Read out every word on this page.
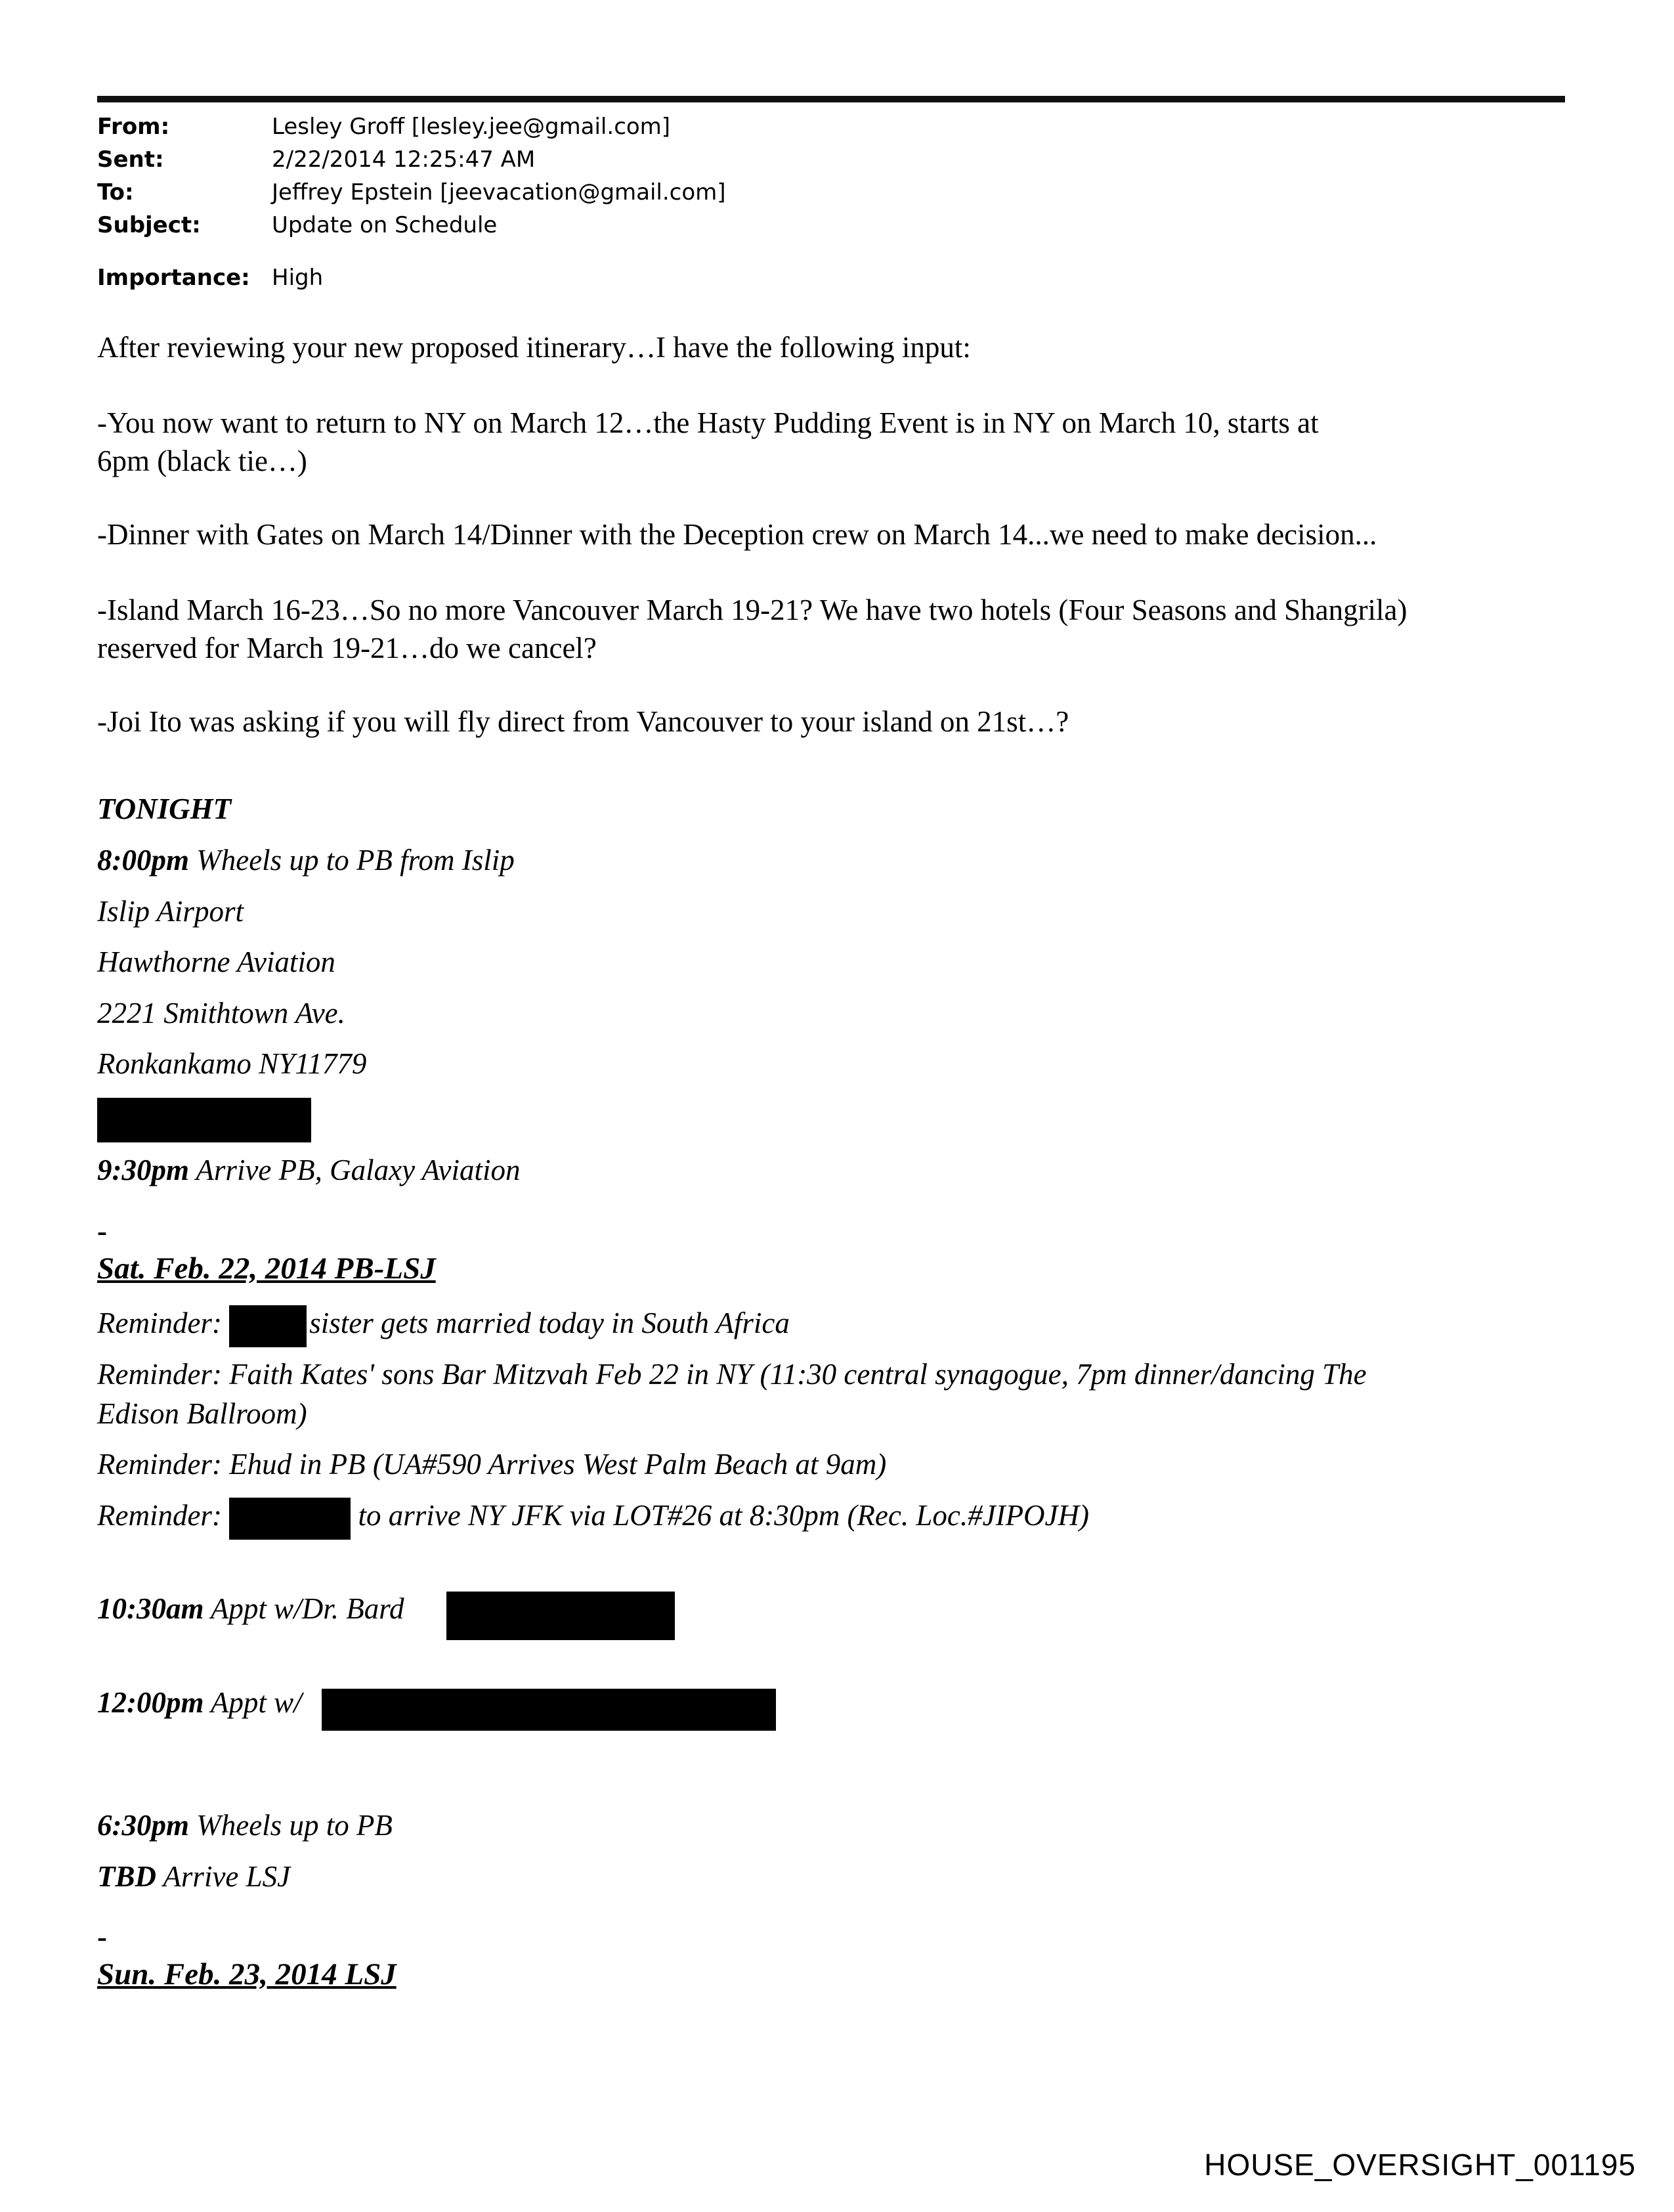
From:	Lesley Groff [lesley.jee@gmail.com]
Sent:	2/22/2014 12:25:47 AM
To:	Jeffrey Epstein [jeevacation@gmail.com]
Subject:	Update on Schedule
Importance: High
After reviewing your new proposed itinerary…I have the following input:
-You now want to return to NY on March 12…the Hasty Pudding Event is in NY on March 10, starts at
6pm (black tie…)
-Dinner with Gates on March 14/Dinner with the Deception crew on March 14...we need to make decision...
-Island March 16-23…So no more Vancouver March 19-21? We have two hotels (Four Seasons and Shangrila)
reserved for March 19-21…do we cancel?
-Joi Ito was asking if you will fly direct from Vancouver to your island on 21st…?
TONIGHT
8:00pm Wheels up to PB from Islip
Islip Airport
Hawthorne Aviation
2221 Smithtown Ave.
Ronkankamo NY11779
9:30pm Arrive PB, Galaxy Aviation
-
Sat. Feb. 22, 2014 PB-LSJ
Reminder:	sister gets married today in South Africa
Reminder: Faith Kates' sons Bar Mitzvah Feb 22 in NY (11:30 central synagogue, 7pm dinner/dancing The
Edison Ballroom)
Reminder: Ehud in PB (UA#590 Arrives West Palm Beach at 9am)
Reminder:	to arrive NY JFK via LOT#26 at 8:30pm (Rec. Loc.#JIPOJH)
10:30am Appt w/Dr. Bard
12:00pm Appt w/
6:30pm Wheels up to PB
TBD Arrive LSJ
-
Sun. Feb. 23, 2014 LSJ
HOUSE_OVERSIGHT_001195
